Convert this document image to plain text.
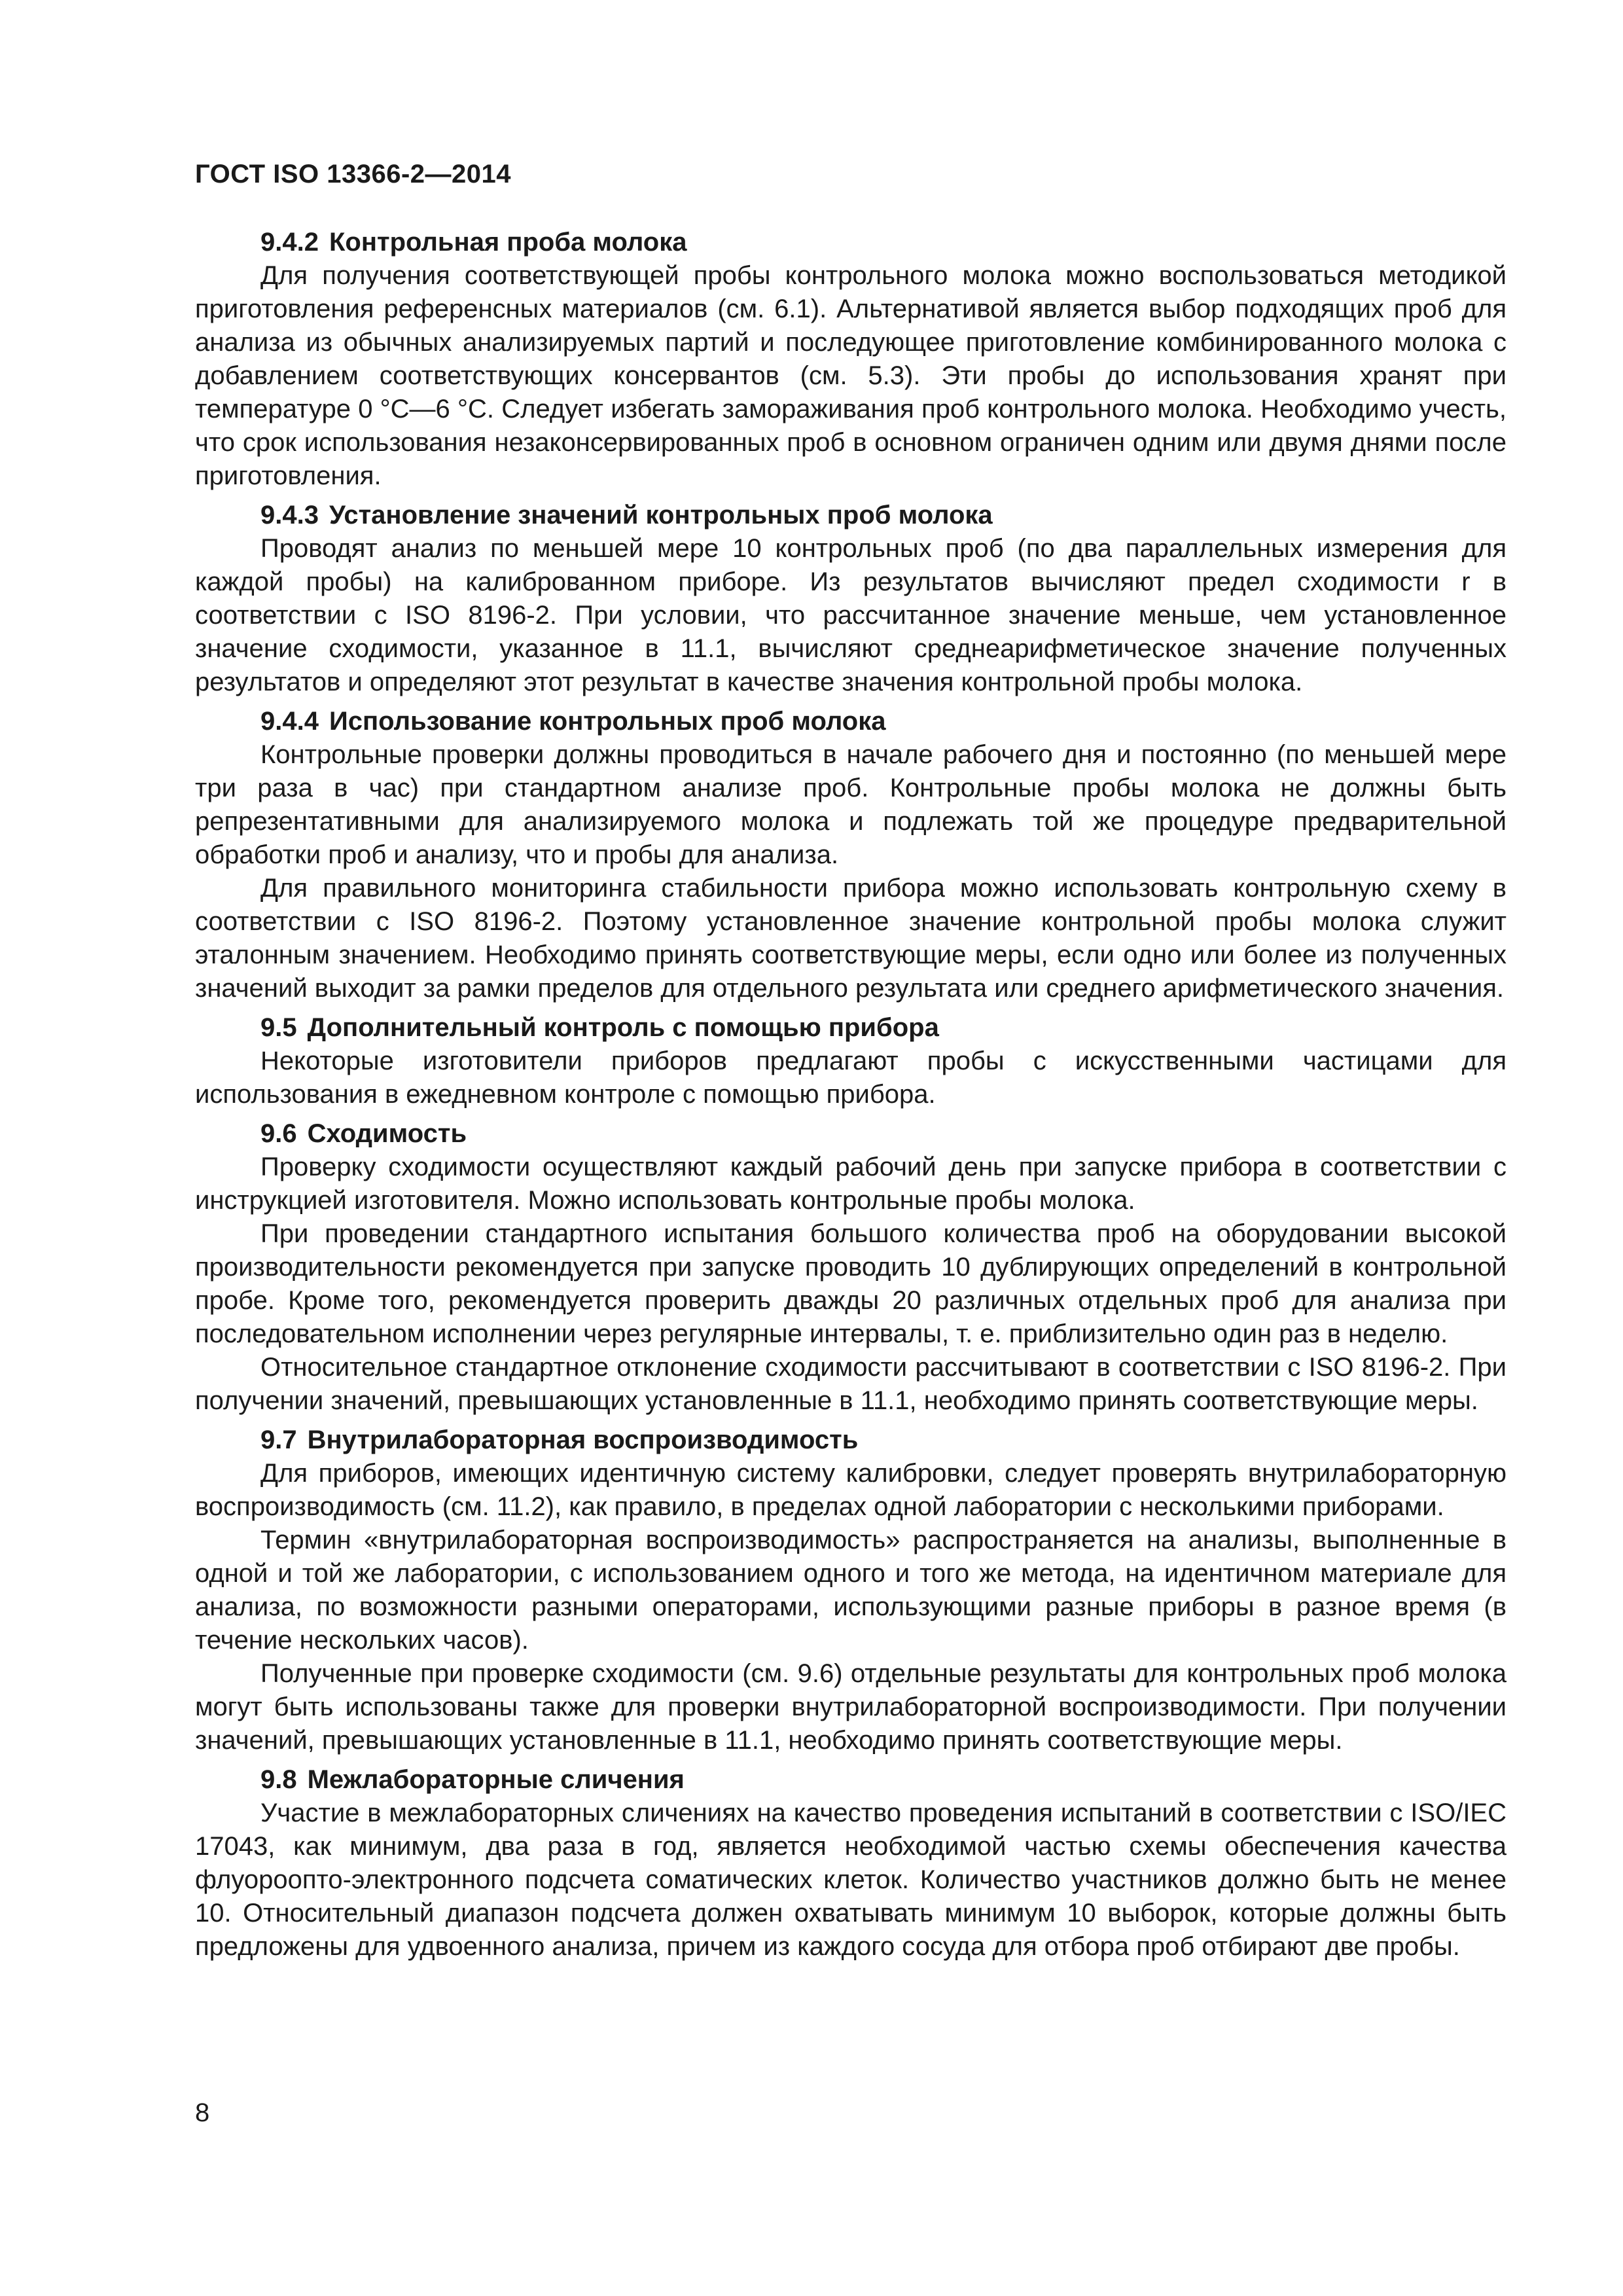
ГОСТ ISO 13366-2—2014
9.4.2 Контрольная проба молока

Для получения соответствующей пробы контрольного молока можно воспользоваться методикой приготовления референсных материалов (см. 6.1). Альтернативой является выбор подходящих проб для анализа из обычных анализируемых партий и последующее приготовление комбинированного молока с добавлением соответствующих консервантов (см. 5.3). Эти пробы до использования хранят при температуре 0 °С—6 °С. Следует избегать замораживания проб контрольного молока. Необходимо учесть, что срок использования незаконсервированных проб в основном ограничен одним или двумя днями после приготовления.

9.4.3 Установление значений контрольных проб молока

Проводят анализ по меньшей мере 10 контрольных проб (по два параллельных измерения для каждой пробы) на калиброванном приборе. Из результатов вычисляют предел сходимости r в соответствии с ISO 8196-2. При условии, что рассчитанное значение меньше, чем установленное значение сходимости, указанное в 11.1, вычисляют среднеарифметическое значение полученных результатов и определяют этот результат в качестве значения контрольной пробы молока.

9.4.4 Использование контрольных проб молока

Контрольные проверки должны проводиться в начале рабочего дня и постоянно (по меньшей мере три раза в час) при стандартном анализе проб. Контрольные пробы молока не должны быть репрезентативными для анализируемого молока и подлежать той же процедуре предварительной обработки проб и анализу, что и пробы для анализа.

Для правильного мониторинга стабильности прибора можно использовать контрольную схему в соответствии с ISO 8196-2. Поэтому установленное значение контрольной пробы молока служит эталонным значением. Необходимо принять соответствующие меры, если одно или более из полученных значений выходит за рамки пределов для отдельного результата или среднего арифметического значения.

9.5 Дополнительный контроль с помощью прибора

Некоторые изготовители приборов предлагают пробы с искусственными частицами для использования в ежедневном контроле с помощью прибора.

9.6 Сходимость

Проверку сходимости осуществляют каждый рабочий день при запуске прибора в соответствии с инструкцией изготовителя. Можно использовать контрольные пробы молока.

При проведении стандартного испытания большого количества проб на оборудовании высокой производительности рекомендуется при запуске проводить 10 дублирующих определений в контрольной пробе. Кроме того, рекомендуется проверить дважды 20 различных отдельных проб для анализа при последовательном исполнении через регулярные интервалы, т. е. приблизительно один раз в неделю.

Относительное стандартное отклонение сходимости рассчитывают в соответствии с ISO 8196-2. При получении значений, превышающих установленные в 11.1, необходимо принять соответствующие меры.

9.7 Внутрилабораторная воспроизводимость

Для приборов, имеющих идентичную систему калибровки, следует проверять внутрилабораторную воспроизводимость (см. 11.2), как правило, в пределах одной лаборатории с несколькими приборами.

Термин «внутрилабораторная воспроизводимость» распространяется на анализы, выполненные в одной и той же лаборатории, с использованием одного и того же метода, на идентичном материале для анализа, по возможности разными операторами, использующими разные приборы в разное время (в течение нескольких часов).

Полученные при проверке сходимости (см. 9.6) отдельные результаты для контрольных проб молока могут быть использованы также для проверки внутрилабораторной воспроизводимости. При получении значений, превышающих установленные в 11.1, необходимо принять соответствующие меры.

9.8 Межлабораторные сличения

Участие в межлабораторных сличениях на качество проведения испытаний в соответствии с ISO/IEC 17043, как минимум, два раза в год, является необходимой частью схемы обеспечения качества флуороопто-электронного подсчета соматических клеток. Количество участников должно быть не менее 10. Относительный диапазон подсчета должен охватывать минимум 10 выборок, которые должны быть предложены для удвоенного анализа, причем из каждого сосуда для отбора проб отбирают две пробы.

8
